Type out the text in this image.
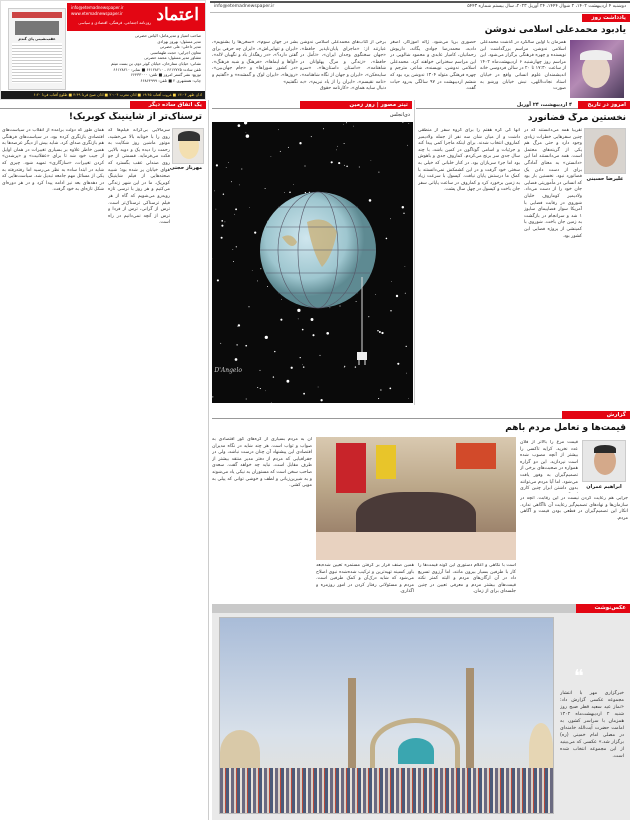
اعتماد
info@etemadnewspaper.ir
www.etemadnewspaper.ir
روزنامه اجتماعی، فرهنگی، اقتصادی و سیاسی
عقب‌نشینی پای گندم
صاحب امتیاز و مدیرعامل: الیاس حضرتی
مدیر مسئول: بهروز بهزادی
مدیر داخلی: علی حضرتی
معاون اجرایی: حجت طهماسبی
مشاور مدیر مسئول: محمد حضرتی
نشانی: خیابان ستارخان، خیابان کوثر دوم، بن بست میثم
تلفن ساده: ۶۶۱۲۷۲۵ - ۶۶۱۲۸۲۱۰ ■ نمابر: ۶۶۱۲۸۲۱۰
توزیع: نشر گستر امروز ■ تلفن: ۶۶۴۳۳۰۰۰
چاپ: همشهری ۲ ■ تلفن: ۶۶۸۶۴۹۹۹
اذان ظهر ۱۳:۰۴ ■ غروب آفتاب ۱۹:۴۵ ■ اذان مغرب ۲۰:۰۴ ■ اذان صبح فردا ۴:۴۹ ■ طلوع آفتاب فردا ۶:۲۰
دوشنبه ۴ اردیبهشت ۱۴۰۲، ۲ شوال ۱۴۴۴، ۲۴ آوریل ۲۰۲۳، سال بیستم شماره ۵۴۴۳
info@etemadnewspaper.ir
یادداشت روز
یادبود محمدعلی اسلامی ندوشن
همزمان با اولین سالگرد در گذشت محمدعلی اسلامی ندوشن، مراسم بزرگداشت این نویسنده و چهره فرهنگی برگزار می‌شود. این مراسم روز چهارشنبه ۶ اردیبهشت‌ماه ۱۴۰۲ از ساعت ۱۷:۳۰ تا ۲۰ در سالن فردوسی خانه اندیشمندان علوم انسانی واقع در خیابان استاد نجات‌اللهی، نبش خیابان ورشو به صورت
حضوری برپا می‌شود. ژاله آموزگار، اصغر دادبه، محمدرضا جوادی یگانه، داریوش رحمانیان، کامیار عابدی و محمود شالویی در این مراسم سخنرانی خواهند کرد. محمدعلی اسلامی ندوشن، نویسنده، شاعر، مترجم و چهره فرهنگی متولد ۱۳۰۴ ندوشن یزد بود که ششم اردیبهشت در ۹۷ سالگی بدرود حیات گفت.
برخی از کتاب‌های محمدعلی اسلامی ندوشن عبارتند از: «ماجرای پایان‌ناپذیر حافظ»، «جهان سخنگوی وجدان ایران»، «تأمل در حافظ»، «زندگی و مرگ پهلوانان در شاهنامه»، «داستان داستان‌ها»، «سرو سایه‌فکن»، «ایران و جهان از نگاه شاهنامه»، «نامه نقیسم»، «ایران را از یاد نبریم»، «به دنبال سایه همای»، «کارنامه حقوق
بشر در جهان سوم»، «سخن‌ها را بشنویم»، «ایران و تنهایی‌اش»، «ایران چه حرفی برای گفتن دارد؟»، «در رهگذار باد و نگهبان لاله»، «آواها و ایماها»، «فرهنگ و شبه فرهنگ»، «در کشور شوراها» و «جام جهان‌بین»، «روزها»، «ایران لوک و گمشده» و «گفتیم و نگفتیم»
یک اتفاق ساده دیگر
ترسناک‌تر از شاینینگ کوبریک!
مهرناز حجتی
سرمالایی بی‌گرانه فیلم‌ها که روی را با خونابه بالا می‌خشید، موتور ماشین روز شکایت به رحمت را دیده یک و دوبه بالایی فکت می‌فرماید. قسمتی از جو روی صندلی عقب بگسترد که هوای خیابان پر شده بود؛ شبیه صحنه‌هایی از فیلم شاینینگ کوبریک. ما در این شهر زندگی می‌کنیم و هر روز با ترسی تازه روبه‌رو می‌شویم که گاه از هر فیلم ترسناکی ترسناک‌تر است. ترس از گرانی، ترس از فردا و ترس از آنچه نمی‌دانیم در راه است.
همان طور که دولت برآمده از انقلاب در سیاست‌های اقتصادی بازنگری کرده بود، در سیاست‌های فرهنگی هم بازنگری صدای کرد. شاید بیش از دیگر عرصه‌ها به همین خاطر علاوه بر بسیاری تغییرات در همان اوایل از جیب خود شد تا برای «عقلانیت» و «پرشدن» کردن تغییرات، «سازگاری» تمهید شود. چیزی که شاید در ابتدا ساده به نظر می‌رسید اما رفته‌رفته به یکی از مسائل مهم جامعه تبدیل شد. سیاست‌هایی که در دهه‌های بعد نیز ادامه پیدا کرد و در هر دوره‌ای شکل تازه‌ای به خود گرفت.
تیتر مصور | روز زمین
دی‌انجلس
D'Angelo
امروز در تاریخ
۴ اردیبهشت، ۲۴ آوریل
نخستین مرگ فضانورد
علیرضا حسینی
تقریبا همه می‌دانستند که در چنین سفرهایی خطرات زیادی وجود دارد و حتی مرگ هم یکی از گزینه‌های محتمل است. همه می‌دانستند اما این «دانستن» به معنای آمادگی برای از دست دادن یک فضانورد نبود. نخستین بار بود که انسانی در مأموریتی فضایی جان خود را از دست می‌داد. ولادیمیر کوماروف خلبان شوروی در رقابت فضایی با آمریکا سوار فضاپیمای سایوز ۱ شد و سرانجام در بازگشت به زمین جان باخت. شوروی با کمینشی از پروژه فضایی این کشور بود.
آنها کی کره هفتم را برای گروه سفر از منطقی داشت و از میان شان سه نفر از جمله ولادیمیر کماروف انتخاب شدند. برای اینکه ماجرا کمی پیدا کند و جزئیات و اسامی گوناگون در کمین باشد، با چند سال جدی سر برنج می‌کردم. کماروف جدی و باهوش بود اما جزء سربازان بود. در کنار خلبانی که خیلی به سختی خود گرفت و در این کشمکش نمی‌دانستند با کمک ما درستش پایان نیافت. کپسول با سرعت زیاد به زمین برخورد کرد و کماروف در ساعت پایانی سفر جان باخت و کپسول در چهل سال پشت.
گزارش
قیمت‌ها و تعامل مردم باهم
ابراهیم عمران
قیمت مرغ را بالاتر از فلان عدد نخرید. کرایه تاکسی را بیشتر از آنچه مصوب شده است نپردازید. این دو گزاره همواره در صحبت‌های برخی از تصمیم‌گیران به وفور یافت می‌شود. اما آیا مردم می‌توانند بدون داشتن ابزار چنین کاری
جرایی هم رعایت کردن نیست در این رقابت. آنچه در سازمان‌ها و نهادهای تصمیم‌گیر رعایت آن ناآگاهی ندارد. انکار این تصمیم‌گیران در قطعی بودن قیمت و آگاهی مردم.
است با نگاهی و اعلام دستوری این گونه قیمت‌ها را کار با طرفین بسیار بیرون مانند، اما آرزوی تسریع داد در آن ارگان‌های مردم و البته کمتر نکته قیمت‌های بیشتر مردم و معرفی تعیین در چنین جلسه‌ای برای از زمان.
همین صنف قرار بر گرفتن مستمره تعیین شده‌بعد باور کسینه تهیه‌ترین و ترکیب شده‌شده نبوی اصلاح می‌شود که شاید درک‌آن و کمک طرفین است. مردم و مسئولانی رفتار کردن در امور روزمره و اگذاری.
آن به مردم بسیاری از گره‌های کور اقتصادی به صواب و ثواب است. هر چند شاید در نگاه مدیران اقتصادی این پیشنهاد آن چنان درست نباشد، ولی در جفرافیایی که مردم از دفتر مدیر منتقد بیشتر از طرف مقابل است، نباید چه خواهد گفت. سعدی صاحب سخن است که مستوران به نیکی یاد می‌شوند و به شیرین‌زبانی و لطف و خوشی توانی که پیلی به مویی کشی.
عکس‌نوشت
❝
خبرگزاری مهر با انتشار مجموعه عکسی گزارش داد: «نماز عید سعید فطر صبح روز شنبه ۲ اردیبهشت‌ماه ۱۴۰۲ همزمان با سراسر کشور، به امامت حضرت آیت‌الله خامنه‌ای در مصلی امام خمینی (ره) برگزار شد.» عکسی که می‌بینید از این مجموعه انتخاب شده است.
